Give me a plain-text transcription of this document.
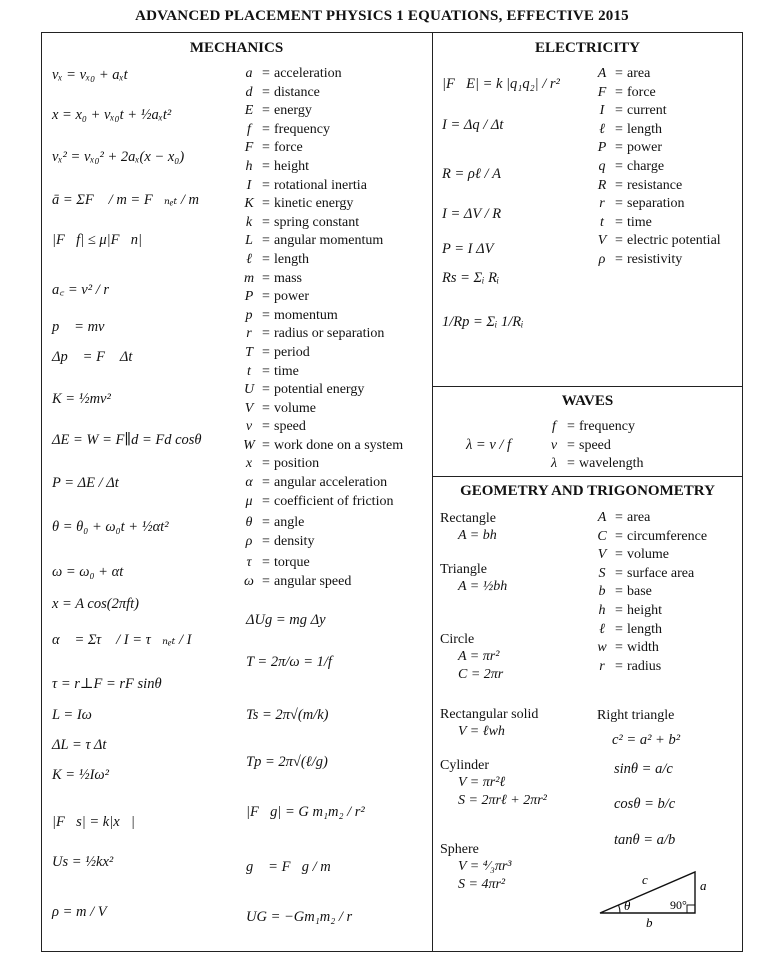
ADVANCED PLACEMENT PHYSICS 1 EQUATIONS, EFFECTIVE 2015
MECHANICS
vₓ = vₓ₀ + aₓt
x = x₀ + vₓ₀t + ½aₓt²
vₓ² = vₓ₀² + 2aₓ(x − x₀)
ā = ΣF⃗ / m = F⃗ₙₑₜ / m
|F⃗f| ≤ μ|F⃗n|
a꜀ = v² / r
p⃗ = mv⃗
Δp⃗ = F⃗ Δt
K = ½mv²
ΔE = W = F∥d = Fd cosθ
P = ΔE / Δt
θ = θ₀ + ω₀t + ½αt²
ω = ω₀ + αt
x = A cos(2πft)
α⃗ = Στ⃗ / I = τ⃗ₙₑₜ / I
τ = r⊥F = rF sinθ
L = Iω
ΔL = τ Δt
K = ½Iω²
|F⃗s| = k|x⃗|
Us = ½kx²
ρ = m / V
a = acceleration
d = distance
E = energy
f = frequency
F = force
h = height
I = rotational inertia
K = kinetic energy
k = spring constant
L = angular momentum
ℓ = length
m = mass
P = power
p = momentum
r = radius or separation
T = period
t = time
U = potential energy
V = volume
v = speed
W = work done on a system
x = position
α = angular acceleration
μ = coefficient of friction
θ = angle
ρ = density
τ = torque
ω = angular speed
ΔUg = mg Δy
T = 2π/ω = 1/f
Ts = 2π√(m/k)
Tp = 2π√(ℓ/g)
|F⃗g| = G m₁m₂ / r²
g⃗ = F⃗g / m
UG = −Gm₁m₂ / r
ELECTRICITY
|F⃗E| = k |q₁q₂| / r²
I = Δq / Δt
R = ρℓ / A
I = ΔV / R
P = I ΔV
Rs = Σᵢ Rᵢ
1/Rp = Σᵢ 1/Rᵢ
A = area
F = force
I = current
ℓ = length
P = power
q = charge
R = resistance
r = separation
t = time
V = electric potential
ρ = resistivity
WAVES
λ = v / f
f = frequency
v = speed
λ = wavelength
GEOMETRY AND TRIGONOMETRY
Rectangle
A = bh
Triangle
A = ½bh
Circle
A = πr²
C = 2πr
Rectangular solid
V = ℓwh
Cylinder
V = πr²ℓ
S = 2πrℓ + 2πr²
Sphere
V = ⁴⁄₃πr³
S = 4πr²
A = area
C = circumference
V = volume
S = surface area
b = base
h = height
ℓ = length
w = width
r = radius
Right triangle
c² = a² + b²
sinθ = a/c
cosθ = b/c
tanθ = a/b
θ	90°
a
b
c
